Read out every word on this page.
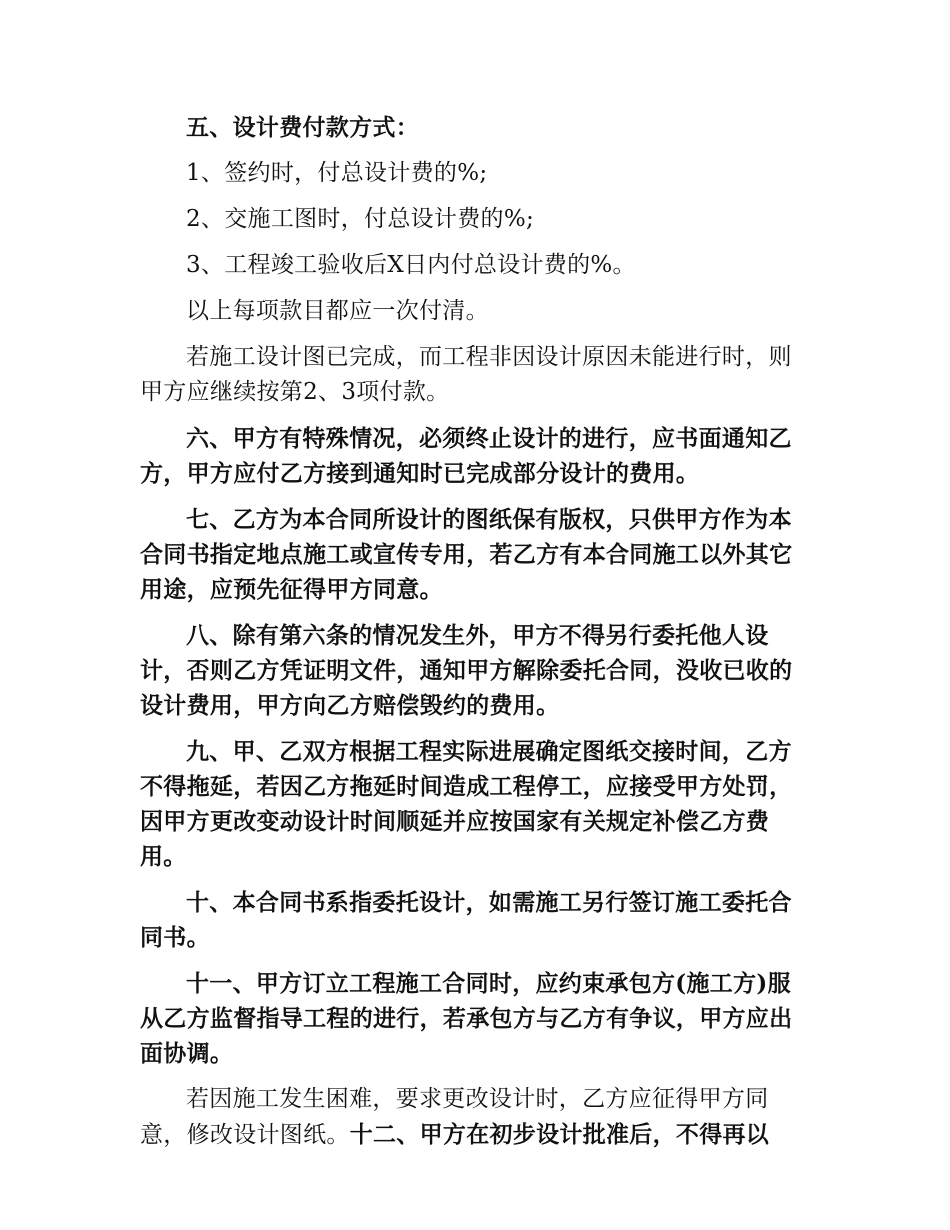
五、设计费付款方式：

1、签约时，付总设计费的%;

2、交施工图时，付总设计费的%;

3、工程竣工验收后X日内付总设计费的%。

以上每项款目都应一次付清。

若施工设计图已完成，而工程非因设计原因未能进行时，则甲方应继续按第2、3项付款。

六、甲方有特殊情况，必须终止设计的进行，应书面通知乙方，甲方应付乙方接到通知时已完成部分设计的费用。

七、乙方为本合同所设计的图纸保有版权，只供甲方作为本合同书指定地点施工或宣传专用，若乙方有本合同施工以外其它用途，应预先征得甲方同意。

八、除有第六条的情况发生外，甲方不得另行委托他人设计，否则乙方凭证明文件，通知甲方解除委托合同，没收已收的设计费用，甲方向乙方赔偿毁约的费用。

九、甲、乙双方根据工程实际进展确定图纸交接时间，乙方不得拖延，若因乙方拖延时间造成工程停工，应接受甲方处罚，因甲方更改变动设计时间顺延并应按国家有关规定补偿乙方费用。

十、本合同书系指委托设计，如需施工另行签订施工委托合同书。

十一、甲方订立工程施工合同时，应约束承包方(施工方)服从乙方监督指导工程的进行，若承包方与乙方有争议，甲方应出面协调。

若因施工发生困难，要求更改设计时，乙方应征得甲方同意，修改设计图纸。十二、甲方在初步设计批准后，不得再以
